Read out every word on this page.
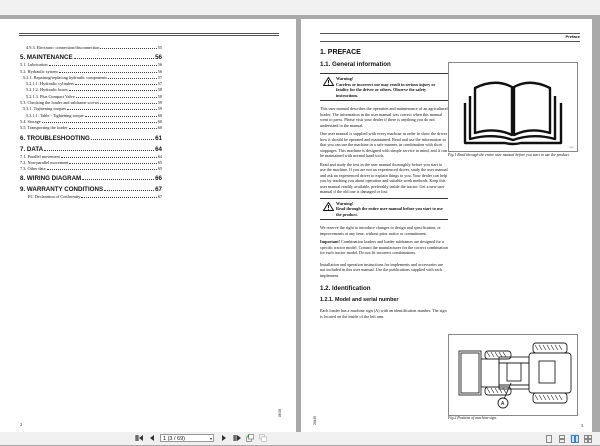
4.9.3. Electronic connection/disconnection	55
5. MAINTENANCE	56
5.1. Lubrication	56
5.2. Hydraulic system	56
5.2.1. Repairing/replacing hydraulic components	57
5.2.1.1. Hydraulic cylinders	57
5.2.1.2. Hydraulic hoses	58
5.2.1.3. Plus Compact Valve	58
5.3. Checking the loader and subframe screws	59
5.3.1. Tightening torques	59
5.3.1.1. Table - Tightening torque	60
5.4. Storage	60
5.5. Transporting the loader	60
6. TROUBLESHOOTING	61
7. DATA	64
7.1. Parallel movement	64
7.2. Non-parallel movement	65
7.3. Other data	65
8. WIRING DIAGRAM	66
9. WARRANTY CONDITIONS	67
EC Declaration of Conformity	67
2
08 08
Preface
1. PREFACE
1.1. General information
Warning!
Careless or incorrect use may result in serious injury or fatality for the driver or others. Observe the safety instructions.

This user manual describes the operation and maintenance of an agricultural loader. The information in the user manual was correct when this manual went to press. Please visit your dealer if there is anything you do not understand in the manual.

One user manual is supplied with every machine in order to show the driver how it should be operated and maintained. Read and use the information so that you can use the machine in a safe manner, in combination with short stoppages. This machine is designed with simple service in mind, and it can be maintained with normal hand tools.

Read and study the text in the user manual thoroughly before you start to use the machine. If you are not an experienced driver, study the user manual and ask an experienced driver to explain things to you. Your dealer can help you by teaching you about operation and suitable work methods. Keep this user manual readily available, preferably inside the tractor. Get a new user manual if the old one is damaged or lost.

Warning!
Read through the entire user manual before you start to use the product.

We reserve the right to introduce changes to design and specification, or improvements at any time, without prior notice or commitment.

Important! Combination loaders and loader subframes are designed for a specific tractor model. Contact the manufacturer for the correct combination for each tractor model. Do not fit incorrect combinations.

Installation and operation instructions for implements and accessories are not included in this user manual. Use the publications supplied with each implement.

1.2. Identification
1.2.1. Model and serial number

Each loader has a machine sign (A) with an identification number. The sign is located on the inside of the left arm.

20435
Fig.1 Read through the entire user manual before you start to use the product.
A
Fig.2 Position of machine sign.
20435
3
1 (3 / 69)	▾
